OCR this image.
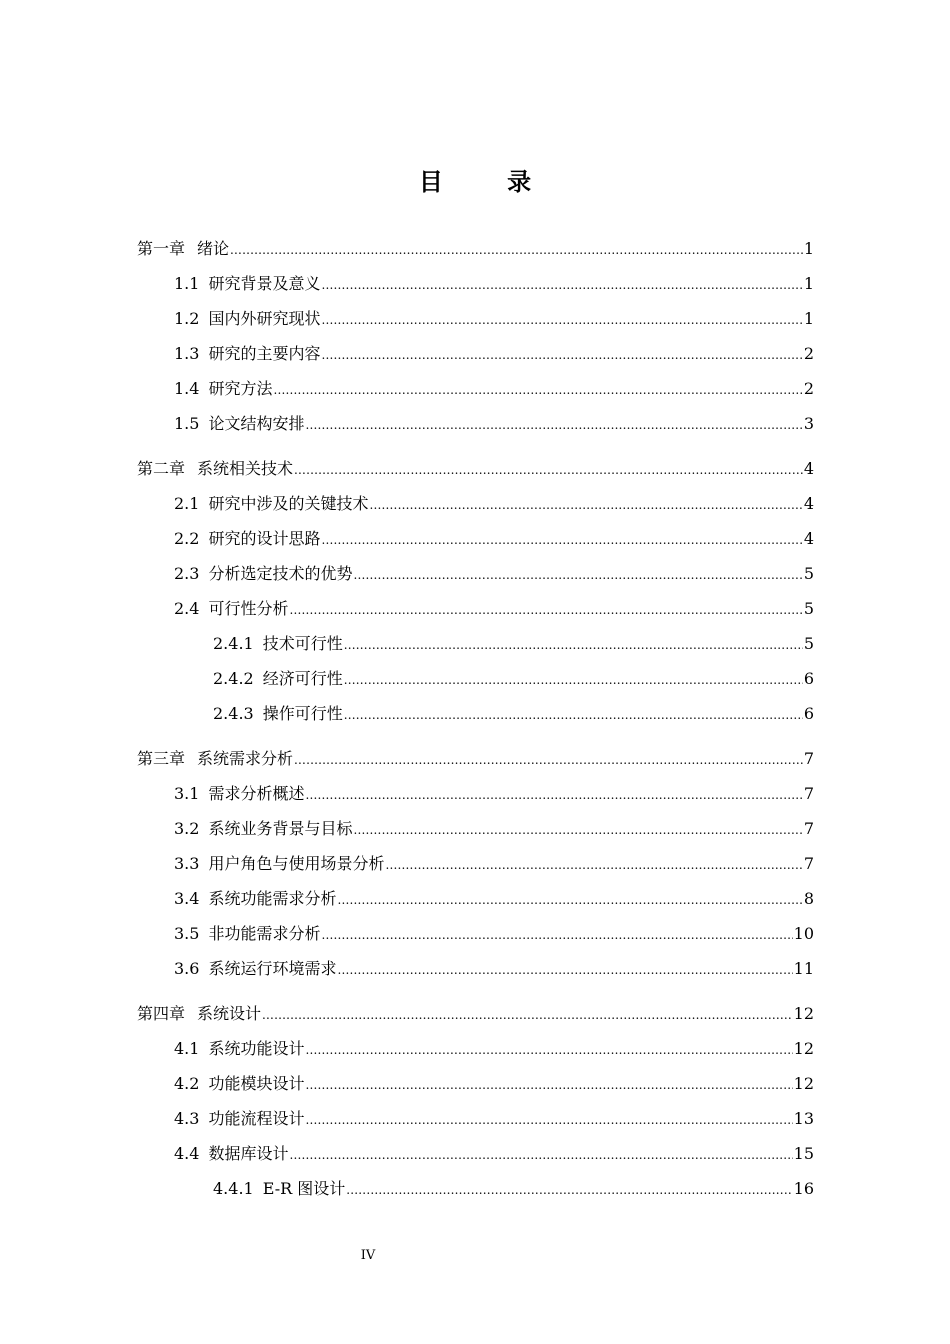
目 录
第一章 绪论 .....	1
1.1 研究背景及意义 .....	1
1.2 国内外研究现状 .....	1
1.3 研究的主要内容 .....	2
1.4 研究方法 .....	2
1.5 论文结构安排 .....	3
第二章 系统相关技术 .....	4
2.1 研究中涉及的关键技术 .....	4
2.2 研究的设计思路 .....	4
2.3 分析选定技术的优势 .....	5
2.4 可行性分析 .....	5
2.4.1 技术可行性 .....	5
2.4.2 经济可行性 .....	6
2.4.3 操作可行性 .....	6
第三章 系统需求分析 .....	7
3.1 需求分析概述 .....	7
3.2 系统业务背景与目标 .....	7
3.3 用户角色与使用场景分析 .....	7
3.4 系统功能需求分析 .....	8
3.5 非功能需求分析 .....	10
3.6 系统运行环境需求 .....	11
第四章 系统设计 .....	12
4.1 系统功能设计 .....	12
4.2 功能模块设计 .....	12
4.3 功能流程设计 .....	13
4.4 数据库设计 .....	15
4.4.1 E-R 图设计 .....	16
IV
